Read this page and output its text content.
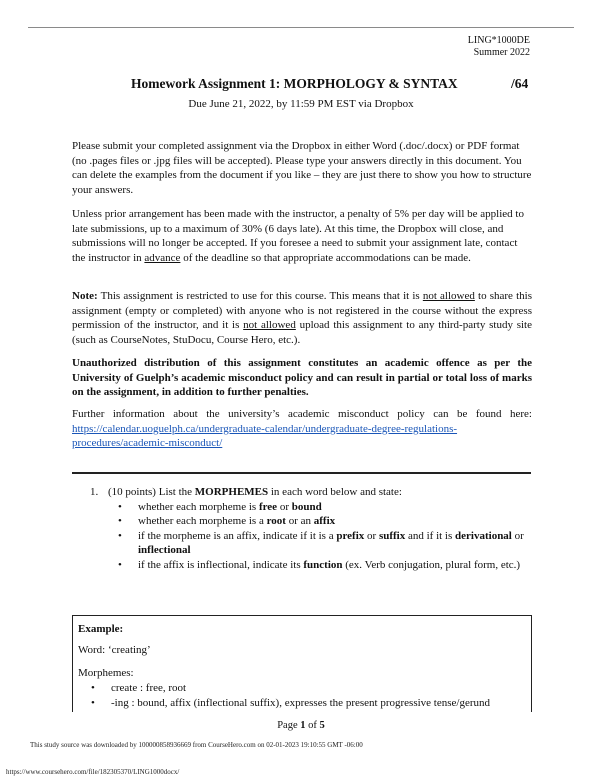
LING*1000DE
Summer 2022
Homework Assignment 1: MORPHOLOGY & SYNTAX	/64
Due June 21, 2022, by 11:59 PM EST via Dropbox

Please submit your completed assignment via the Dropbox in either Word (.doc/.docx) or PDF format (no .pages files or .jpg files will be accepted). Please type your answers directly in this document. You can delete the examples from the document if you like – they are just there to show you how to structure your answers.

Unless prior arrangement has been made with the instructor, a penalty of 5% per day will be applied to late submissions, up to a maximum of 30% (6 days late). At this time, the Dropbox will close, and submissions will no longer be accepted. If you foresee a need to submit your assignment late, contact the instructor in advance of the deadline so that appropriate accommodations can be made.

Note: This assignment is restricted to use for this course. This means that it is not allowed to share this assignment (empty or completed) with anyone who is not registered in the course without the express permission of the instructor, and it is not allowed upload this assignment to any third-party study site (such as CourseNotes, StuDocu, Course Hero, etc.).

Unauthorized distribution of this assignment constitutes an academic offence as per the University of Guelph’s academic misconduct policy and can result in partial or total loss of marks on the assignment, in addition to further penalties.

Further information about the university’s academic misconduct policy can be found here: https://calendar.uoguelph.ca/undergraduate-calendar/undergraduate-degree-regulations-procedures/academic-misconduct/

1. (10 points) List the MORPHEMES in each word below and state:
• whether each morpheme is free or bound
• whether each morpheme is a root or an affix
• if the morpheme is an affix, indicate if it is a prefix or suffix and if it is derivational or inflectional
• if the affix is inflectional, indicate its function (ex. Verb conjugation, plural form, etc.)
Example:
Word: ‘creating’
Morphemes:
• create : free, root
• -ing : bound, affix (inflectional suffix), expresses the present progressive tense/gerund
Page 1 of 5
This study source was downloaded by 100000858936669 from CourseHero.com on 02-01-2023 19:10:55 GMT -06:00
https://www.coursehero.com/file/182305370/LING1000docx/
